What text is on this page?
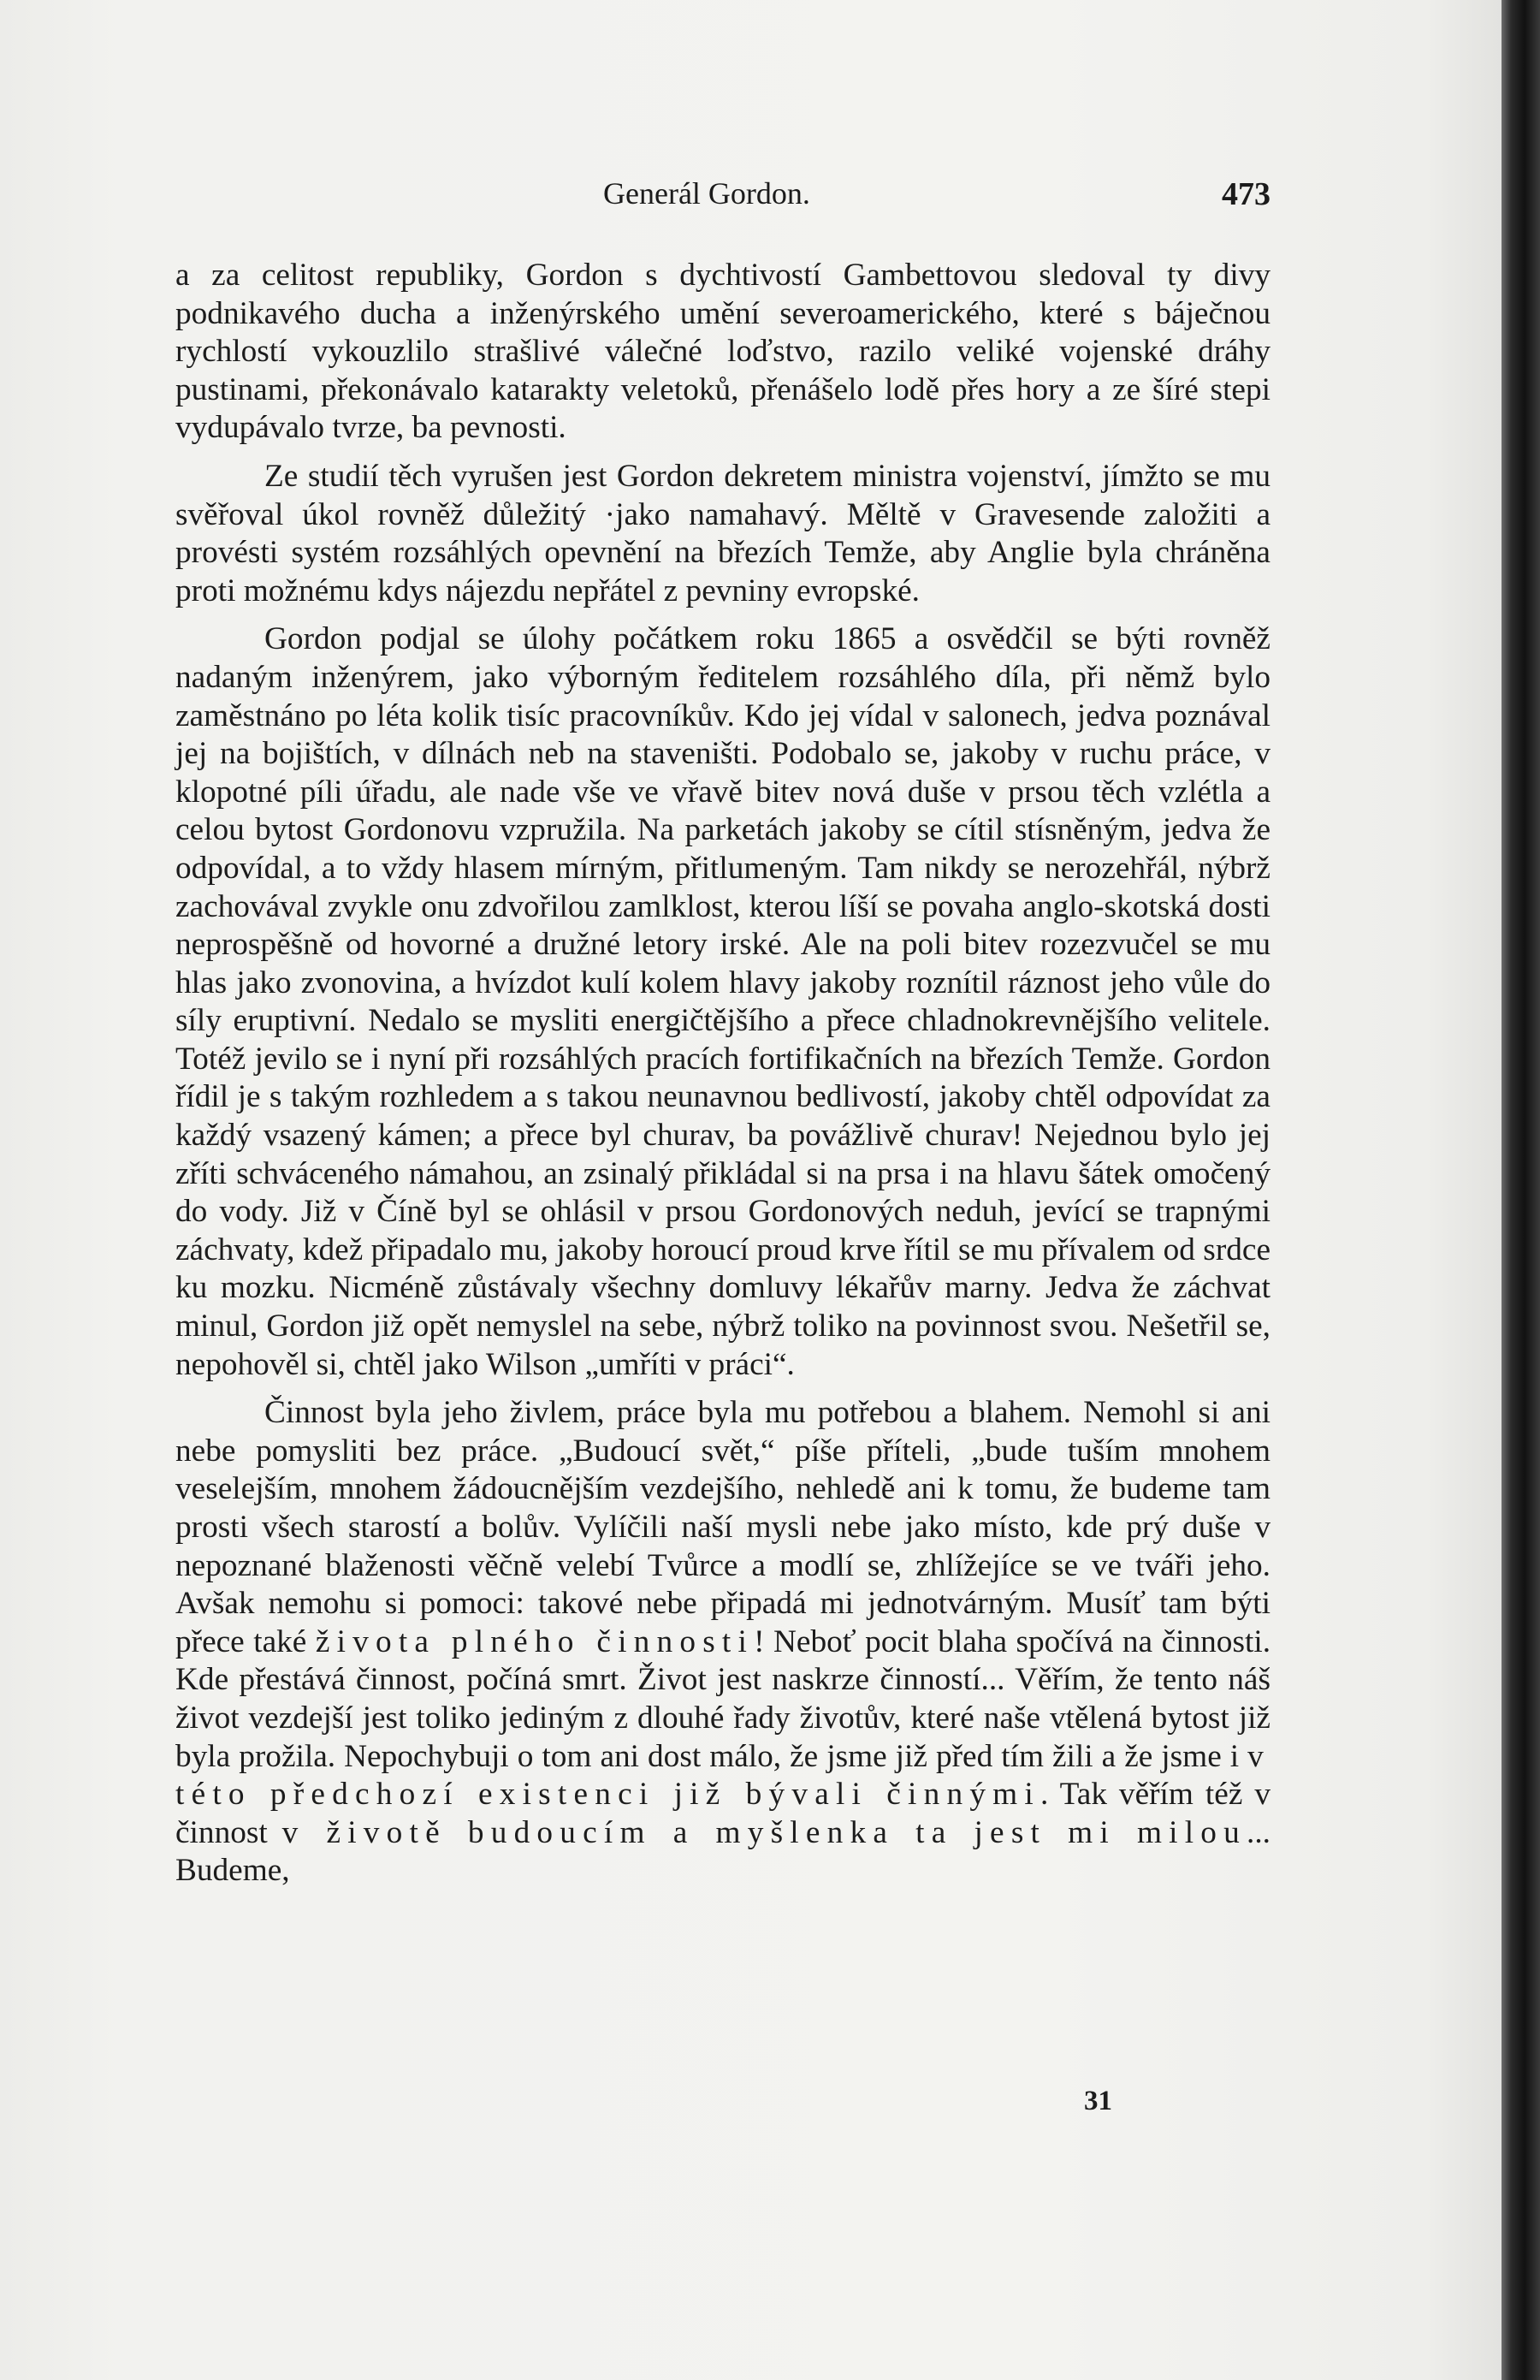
Generál Gordon.	473

a za celitost republiky, Gordon s dychtivostí Gambettovou sledoval ty divy podnikavého ducha a inženýrského umění severoamerického, které s báječnou rychlostí vykouzlilo strašlivé válečné loďstvo, razilo veliké vojenské dráhy pustinami, překonávalo katarakty veletoků, přenášelo lodě přes hory a ze šíré stepi vydupávalo tvrze, ba pevnosti.

Ze studií těch vyrušen jest Gordon dekretem ministra vojenství, jímžto se mu svěřoval úkol rovněž důležitý ·jako namahavý. Měltě v Gravesende založiti a provésti systém rozsáhlých opevnění na březích Temže, aby Anglie byla chráněna proti možnému kdys nájezdu nepřátel z pevniny evropské.

Gordon podjal se úlohy počátkem roku 1865 a osvědčil se býti rovněž nadaným inženýrem, jako výborným ředitelem rozsáhlého díla, při němž bylo zaměstnáno po léta kolik tisíc pracovníkův. Kdo jej vídal v salonech, jedva poznával jej na bojištích, v dílnách neb na staveništi. Podobalo se, jakoby v ruchu práce, v klopotné píli úřadu, ale nade vše ve vřavě bitev nová duše v prsou těch vzlétla a celou bytost Gordonovu vzpružila. Na parketách jakoby se cítil stísněným, jedva že odpovídal, a to vždy hlasem mírným, přitlumeným. Tam nikdy se nerozehřál, nýbrž zachovával zvykle onu zdvořilou zamlklost, kterou líší se povaha anglo-skotská dosti neprospěšně od hovorné a družné letory irské. Ale na poli bitev rozezvučel se mu hlas jako zvonovina, a hvízdot kulí kolem hlavy jakoby roznítil ráznost jeho vůle do síly eruptivní. Nedalo se mysliti energičtějšího a přece chladnokrevnějšího velitele. Totéž jevilo se i nyní při rozsáhlých pracích fortifikačních na březích Temže. Gordon řídil je s takým rozhledem a s takou neunavnou bedlivostí, jakoby chtěl odpovídat za každý vsazený kámen; a přece byl churav, ba povážlivě churav! Nejednou bylo jej zříti schváceného námahou, an zsinalý přikládal si na prsa i na hlavu šátek omočený do vody. Již v Číně byl se ohlásil v prsou Gordonových neduh, jevící se trapnými záchvaty, kdež připadalo mu, jakoby horoucí proud krve řítil se mu přívalem od srdce ku mozku. Nicméně zůstávaly všechny domluvy lékařův marny. Jedva že záchvat minul, Gordon již opět nemyslel na sebe, nýbrž toliko na povinnost svou. Nešetřil se, nepohověl si, chtěl jako Wilson „umříti v práci“.

Činnost byla jeho živlem, práce byla mu potřebou a blahem. Nemohl si ani nebe pomysliti bez práce. „Budoucí svět,“ píše příteli, „bude tuším mnohem veselejším, mnohem žádoucnějším vezdejšího, nehledě ani k tomu, že budeme tam prosti všech starostí a bolův. Vylíčili naší mysli nebe jako místo, kde prý duše v nepoznané blaženosti věčně velebí Tvůrce a modlí se, zhlížejíce se ve tváři jeho. Avšak nemohu si pomoci: takové nebe připadá mi jednotvárným. Musíť tam býti přece také života plného činnosti! Neboť pocit blaha spočívá na činnosti. Kde přestává činnost, počíná smrt. Život jest naskrze činností... Věřím, že tento náš život vezdejší jest toliko jediným z dlouhé řady životův, které naše vtělená bytost již byla prožila. Nepochybuji o tom ani dost málo, že jsme již před tím žili a že jsme i v této předchozí existenci již bývali činnými. Tak věřím též v činnost v životě budoucím a myšlenka ta jest mi milou... Budeme,

31
